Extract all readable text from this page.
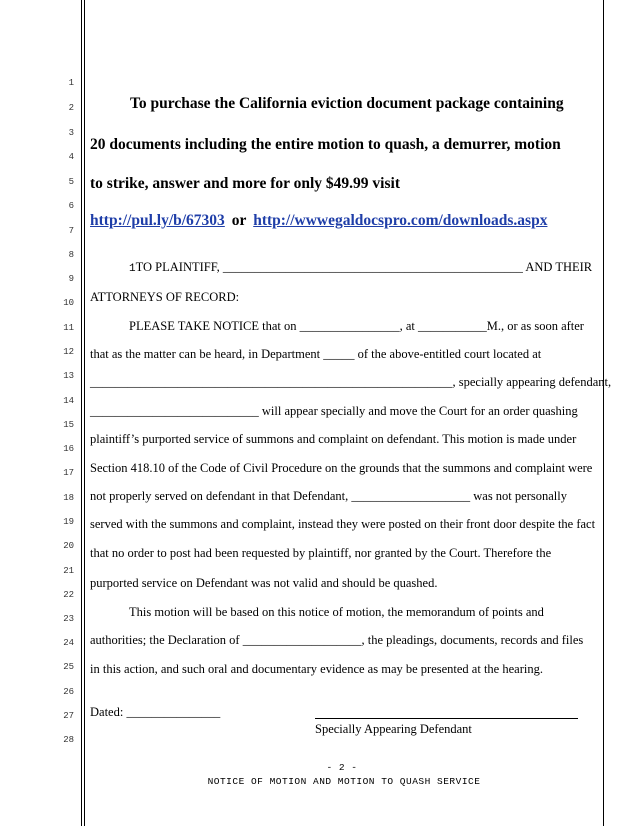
1
2
3
4
5
6
7
8
9
10
11
12
13
14
15
16
17
18
19
20
21
22
23
24
25
26
27
28
To purchase the California eviction document package containing
20 documents including the entire motion to quash, a demurrer, motion
to strike, answer and more for only $49.99 visit
http://pul.ly/b/67303 or http://wwwegaldocspro.com/downloads.aspx
1TO PLAINTIFF, ________________________________________________ AND THEIR
ATTORNEYS OF RECORD:
PLEASE TAKE NOTICE that on ________________, at ___________M., or as soon after
that as the matter can be heard, in Department _____ of the above-entitled court located at
__________________________________________________________, specially appearing defendant,
___________________________ will appear specially and move the Court for an order quashing
plaintiff’s purported service of summons and complaint on defendant. This motion is made under
Section 418.10 of the Code of Civil Procedure on the grounds that the summons and complaint were
not properly served on defendant in that Defendant, ___________________ was not personally
served with the summons and complaint, instead they were posted on their front door despite the fact
that no order to post had been requested by plaintiff, nor granted by the Court. Therefore the
purported service on Defendant was not valid and should be quashed.
This motion will be based on this notice of motion, the memorandum of points and
authorities; the Declaration of ___________________, the pleadings, documents, records and files
in this action, and such oral and documentary evidence as may be presented at the hearing.
Dated: _______________
Specially Appearing Defendant
- 2 -
NOTICE OF MOTION AND MOTION TO QUASH SERVICE
